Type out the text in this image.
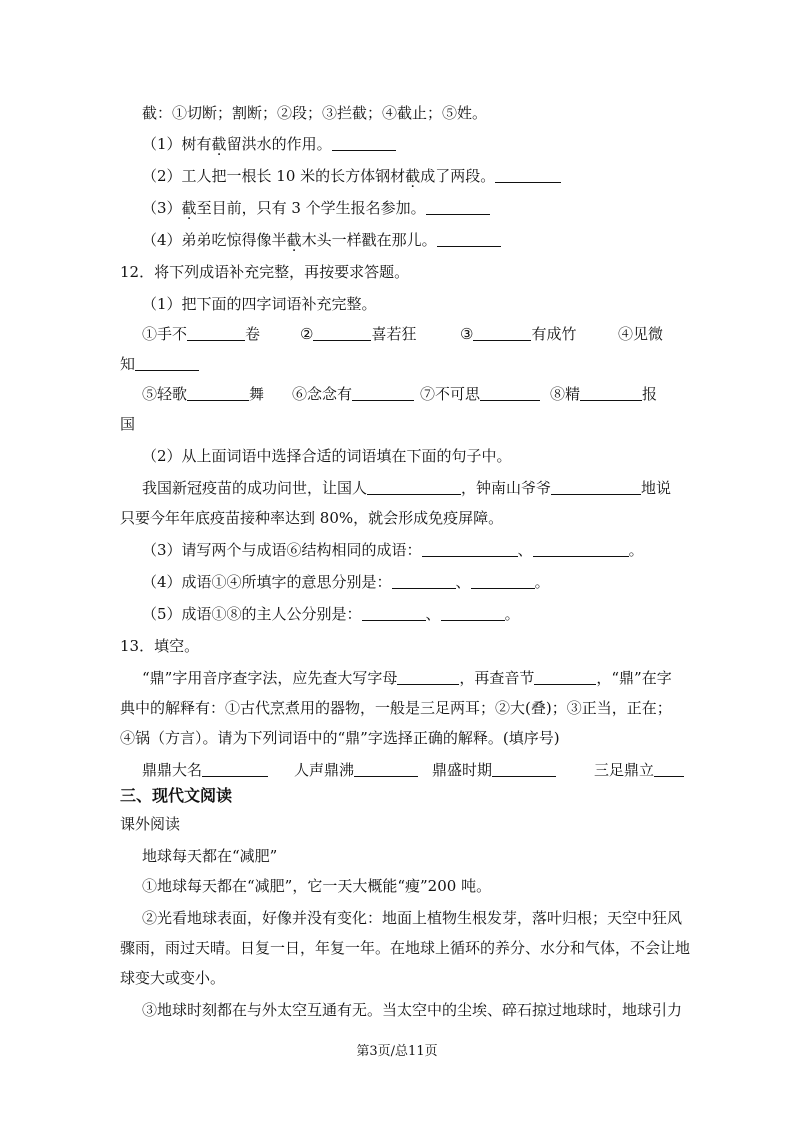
截：①切断；割断；②段；③拦截；④截止；⑤姓。
（1）树有截留洪水的作用。
（2）工人把一根长 10 米的长方体钢材截成了两段。
（3）截至目前，只有 3 个学生报名参加。
（4）弟弟吃惊得像半截木头一样戳在那儿。
12．将下列成语补充完整，再按要求答题。
（1）把下面的四字词语补充完整。
①手不	卷	②	喜若狂	③	有成竹	④见微
知
⑤轻歌	舞 ⑥念念有	⑦不可思	⑧精	报
国
（2）从上面词语中选择合适的词语填在下面的句子中。
我国新冠疫苗的成功问世，让国人	，钟南山爷爷	地说
只要今年年底疫苗接种率达到 80%，就会形成免疫屏障。
（3）请写两个与成语⑥结构相同的成语：	、	。
（4）成语①④所填字的意思分别是：	、	。
（5）成语①⑧的主人公分别是：	、	。
13．填空。
“鼎”字用音序查字法，应先查大写字母	，再查音节	，“鼎”在字
典中的解释有：①古代烹煮用的器物，一般是三足两耳；②大(叠)；③正当，正在；
④锅（方言）。请为下列词语中的“鼎”字选择正确的解释。(填序号)
鼎鼎大名	人声鼎沸	鼎盛时期	三足鼎立
三、现代文阅读
课外阅读
地球每天都在“减肥”
①地球每天都在“减肥”，它一天大概能“瘦”200 吨。
②光看地球表面，好像并没有变化：地面上植物生根发芽，落叶归根；天空中狂风
骤雨，雨过天晴。日复一日，年复一年。在地球上循环的养分、水分和气体，不会让地
球变大或变小。
③地球时刻都在与外太空互通有无。当太空中的尘埃、碎石掠过地球时，地球引力
第3页/总11页
